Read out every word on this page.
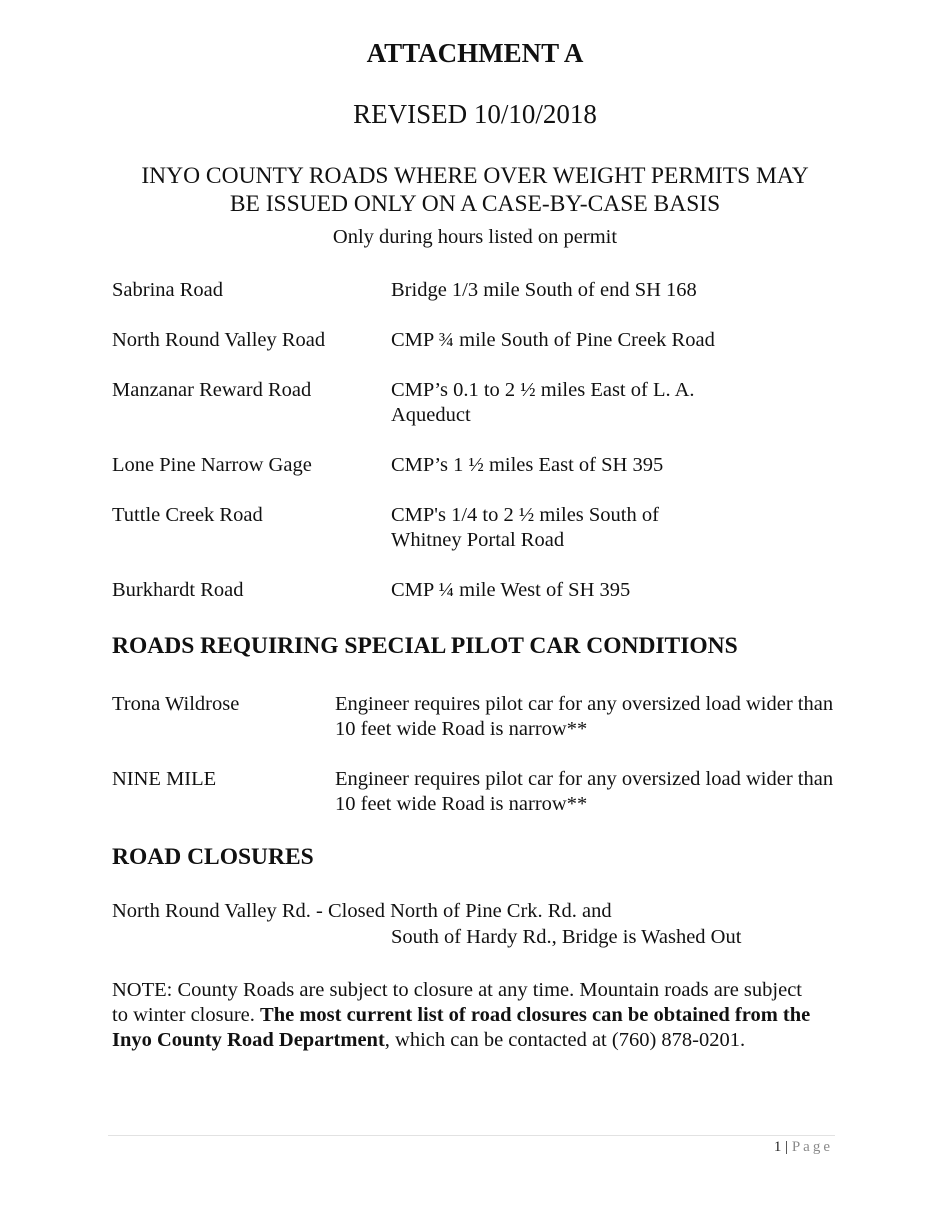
ATTACHMENT A
REVISED 10/10/2018
INYO COUNTY ROADS WHERE OVER WEIGHT PERMITS MAY
BE ISSUED ONLY ON A CASE-BY-CASE BASIS
Only during hours listed on permit
Sabrina Road	Bridge 1/3 mile South of end SH 168
North Round Valley Road	CMP ¾ mile South of Pine Creek Road
Manzanar Reward Road	CMP’s 0.1 to 2 ½ miles East of L. A. Aqueduct
Lone Pine Narrow Gage	CMP’s 1 ½ miles East of SH 395
Tuttle Creek Road	CMP's 1/4 to 2 ½ miles South of Whitney Portal Road
Burkhardt Road	CMP ¼ mile West of SH 395
ROADS REQUIRING SPECIAL PILOT CAR CONDITIONS
Trona Wildrose	Engineer requires pilot car for any oversized load wider than 10 feet wide Road is narrow**
NINE MILE	Engineer requires pilot car for any oversized load wider than 10 feet wide Road is narrow**
ROAD CLOSURES
North Round Valley Rd. - Closed North of Pine Crk. Rd. and
South of Hardy Rd., Bridge is Washed Out

NOTE: County Roads are subject to closure at any time. Mountain roads are subject to winter closure. The most current list of road closures can be obtained from the Inyo County Road Department, which can be contacted at (760) 878-0201.

1 | Page
